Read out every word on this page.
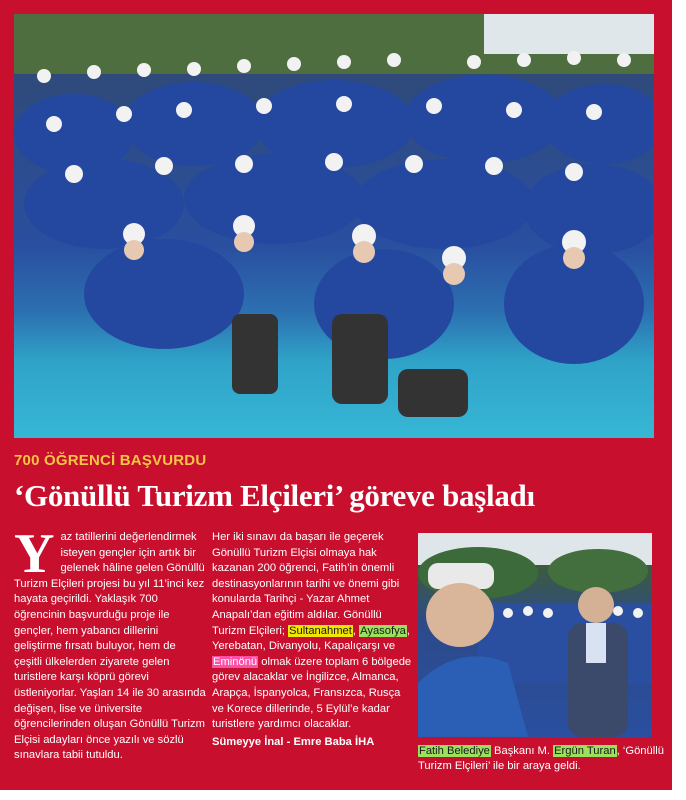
700 ÖĞRENCİ BAŞVURDU
‘Gönüllü Turizm Elçileri’ göreve başladı
Y az tatillerini değerlendirmek isteyen gençler için artık bir gelenek hâline gelen Gönüllü Turizm Elçileri projesi bu yıl 11’inci kez hayata geçirildi. Yaklaşık 700 öğrencinin başvurduğu proje ile gençler, hem yabancı dillerini geliştirme fırsatı buluyor, hem de çeşitli ülkelerden ziyarete gelen turistlere karşı köprü görevi üstleniyorlar. Yaşları 14 ile 30 arasında değişen, lise ve üniversite öğrencilerinden oluşan Gönüllü Turizm Elçisi adayları önce yazılı ve sözlü sınavlara tabii tutuldu.

Her iki sınavı da başarı ile geçerek Gönüllü Turizm Elçisi olmaya hak kazanan 200 öğrenci, Fatih’in önemli destinasyonlarının tarihi ve önemi gibi konularda Tarihçi - Yazar Ahmet Anapalı’dan eğitim aldılar. Gönüllü Turizm Elçileri; Sultanahmet, Ayasofya, Yerebatan, Divanyolu, Kapalıçarşı ve Eminönü olmak üzere toplam 6 bölgede görev alacaklar ve İngilizce, Almanca, Arapça, İspanyolca, Fransızca, Rusça ve Korece dillerinde, 5 Eylül’e kadar turistlere yardımcı olacaklar.

Sümeyye İnal - Emre Baba İHA
Fatih Belediye Başkanı M. Ergün Turan, ‘Gönüllü Turizm Elçileri’ ile bir araya geldi.
